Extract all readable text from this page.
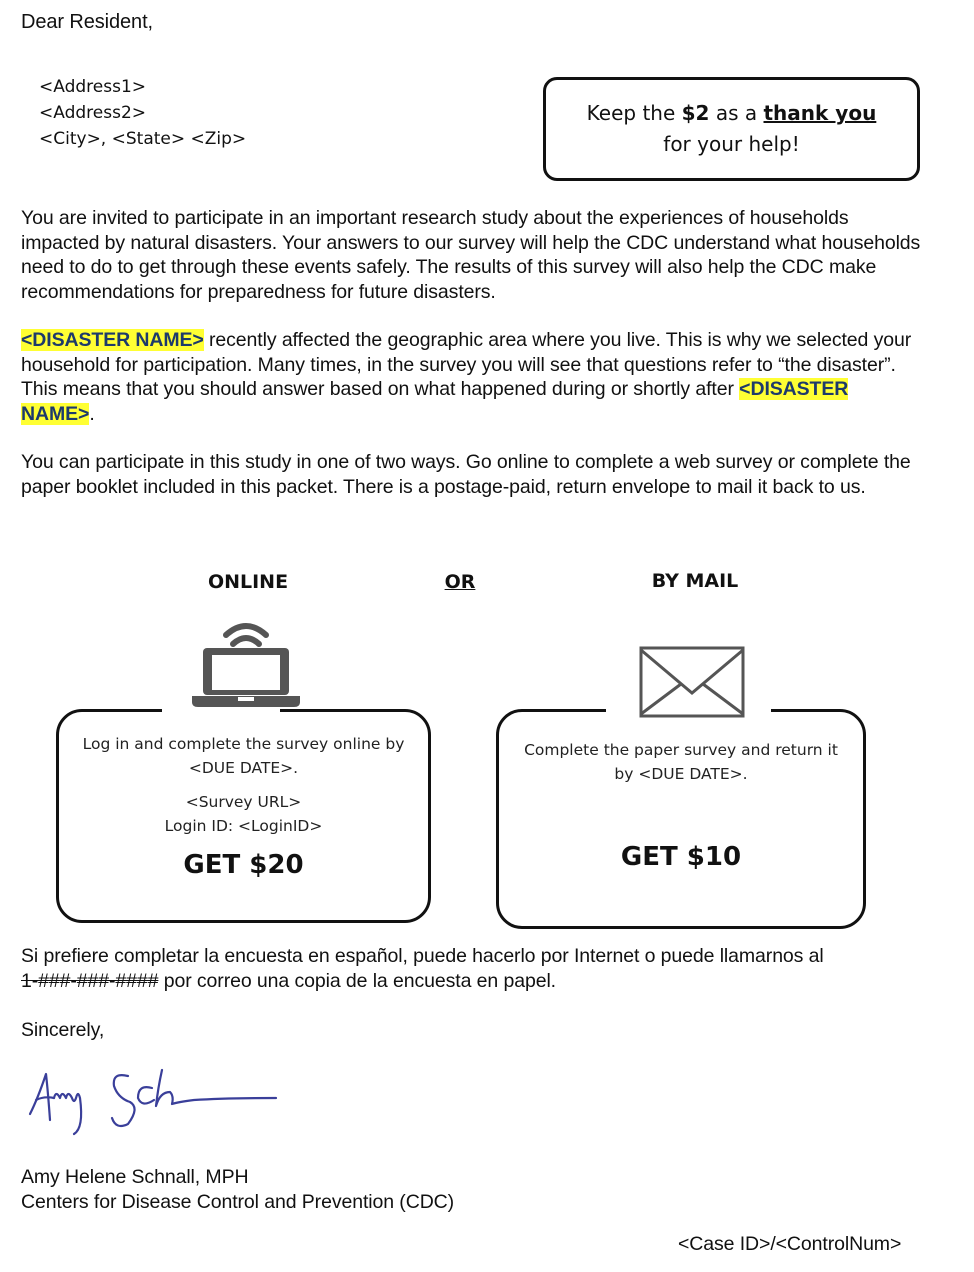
Dear Resident,
<Address1>
<Address2>
<City>, <State> <Zip>
Keep the $2 as a thank you
for your help!
You are invited to participate in an important research study about the experiences of households impacted by natural disasters. Your answers to our survey will help the CDC understand what households need to do to get through these events safely. The results of this survey will also help the CDC make recommendations for preparedness for future disasters.
<DISASTER NAME> recently affected the geographic area where you live. This is why we selected your household for participation. Many times, in the survey you will see that questions refer to “the disaster”. This means that you should answer based on what happened during or shortly after <DISASTER NAME>.
You can participate in this study in one of two ways. Go online to complete a web survey or complete the paper booklet included in this packet. There is a postage-paid, return envelope to mail it back to us.
ONLINE	OR	BY MAIL
Log in and complete the survey online by
<DUE DATE>.
<Survey URL>
Login ID: <LoginID>
GET $20
Complete the paper survey and return it
by <DUE DATE>.
GET $10
Si prefiere completar la encuesta en español, puede hacerlo por Internet o puede llamarnos al
1-###-###-#### por correo una copia de la encuesta en papel.
Sincerely,
Amy Helene Schnall, MPH
Centers for Disease Control and Prevention (CDC)
<Case ID>/<ControlNum>
